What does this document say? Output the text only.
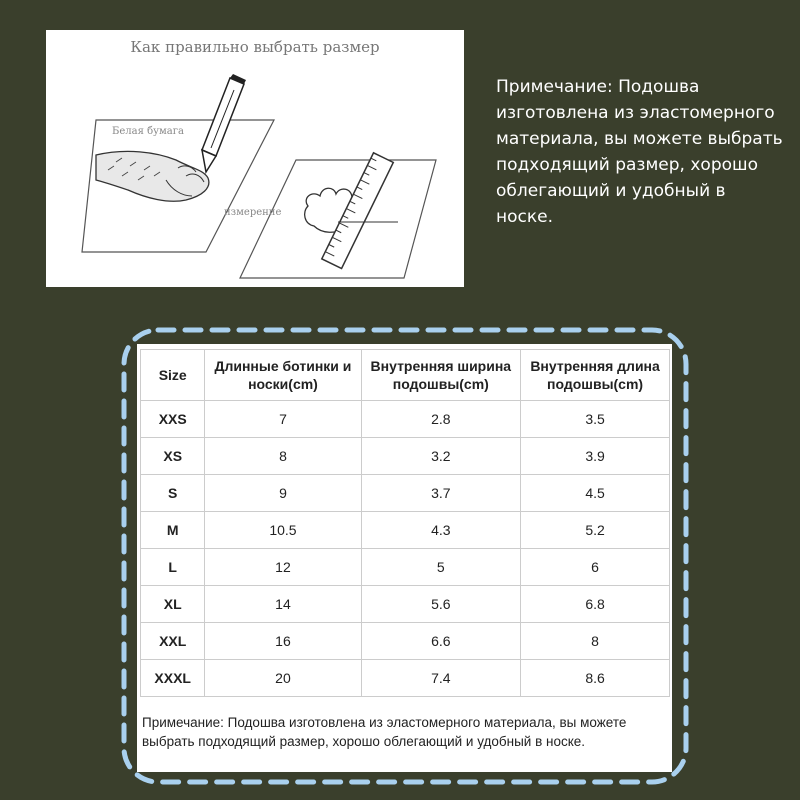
Как правильно выбрать размер
Белая бумага
измерение
Примечание: Подошва изготовлена из эластомерного материала, вы можете выбрать подходящий размер, хорошо облегающий и удобный в носке.
Size	Длинные ботинки и носки(cm)	Внутренняя ширина подошвы(cm)	Внутренняя длина подошвы(cm)
XXS	7	2.8	3.5
XS	8	3.2	3.9
S	9	3.7	4.5
M	10.5	4.3	5.2
L	12	5	6
XL	14	5.6	6.8
XXL	16	6.6	8
XXXL	20	7.4	8.6
Примечание: Подошва изготовлена из эластомерного материала, вы можете выбрать подходящий размер, хорошо облегающий и удобный в носке.
